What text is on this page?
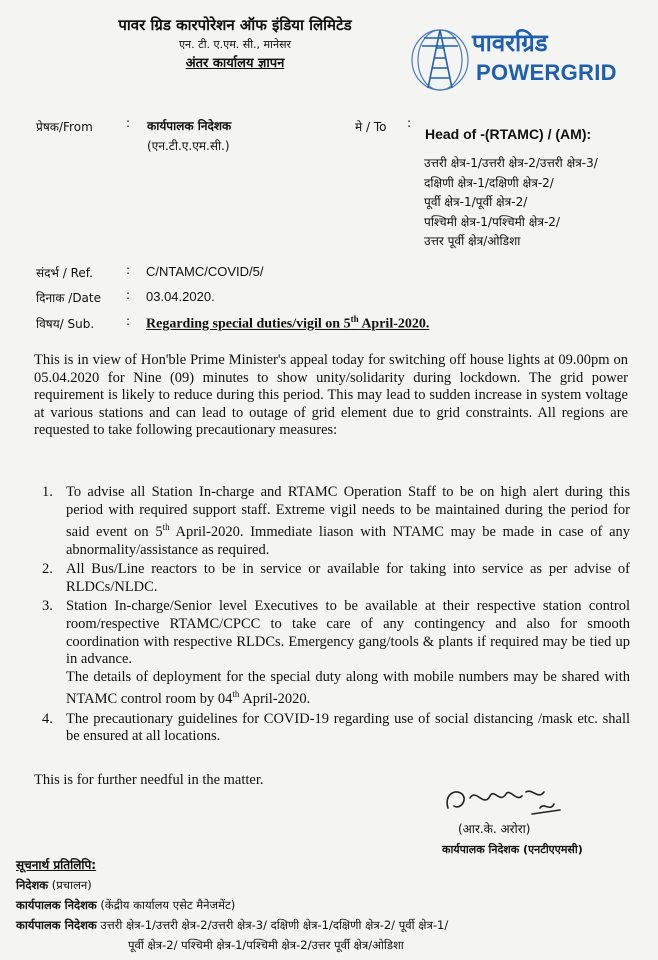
पावर ग्रिड कारपोरेशन ऑफ इंडिया लिमिटेड
एन. टी. ए.एम. सी., मानेसर
अंतर कार्यालय ज्ञापन
पावरग्रिड
POWERGRID
प्रेषक/From	: कार्यपालक निदेशक
(एन.टी.ए.एम.सी.)
मे / To :
Head of -(RTAMC) / (AM):
उत्तरी क्षेत्र-1/उत्तरी क्षेत्र-2/उत्तरी क्षेत्र-3/
दक्षिणी क्षेत्र-1/दक्षिणी क्षेत्र-2/
पूर्वी क्षेत्र-1/पूर्वी क्षेत्र-2/
पश्चिमी क्षेत्र-1/पश्चिमी क्षेत्र-2/
उत्तर पूर्वी क्षेत्र/ओडिशा
संदर्भ / Ref.	: C/NTAMC/COVID/5/
दिनाक /Date : 03.04.2020.
विषय/ Sub.	: Regarding special duties/vigil on 5th April-2020.
This is in view of Hon'ble Prime Minister's appeal today for switching off house lights at 09.00pm on 05.04.2020 for Nine (09) minutes to show unity/solidarity during lockdown. The grid power requirement is likely to reduce during this period. This may lead to sudden increase in system voltage at various stations and can lead to outage of grid element due to grid constraints. All regions are requested to take following precautionary measures:
1. To advise all Station In-charge and RTAMC Operation Staff to be on high alert during this period with required support staff. Extreme vigil needs to be maintained during the period for said event on 5th April-2020. Immediate liason with NTAMC may be made in case of any abnormality/assistance as required.
2. All Bus/Line reactors to be in service or available for taking into service as per advise of RLDCs/NLDC.
3. Station In-charge/Senior level Executives to be available at their respective station control room/respective RTAMC/CPCC to take care of any contingency and also for smooth coordination with respective RLDCs. Emergency gang/tools & plants if required may be tied up in advance.
The details of deployment for the special duty along with mobile numbers may be shared with NTAMC control room by 04th April-2020.
4. The precautionary guidelines for COVID-19 regarding use of social distancing /mask etc. shall be ensured at all locations.
This is for further needful in the matter.
(आर.के. अरोरा)
कार्यपालक निदेशक (एनटीएएमसी)
सूचनार्थ प्रतिलिपि:
निदेशक (प्रचालन)
कार्यपालक निदेशक (केंद्रीय कार्यालय एसेट मैनेजमेंट)
कार्यपालक निदेशक उत्तरी क्षेत्र-1/उत्तरी क्षेत्र-2/उत्तरी क्षेत्र-3/ दक्षिणी क्षेत्र-1/दक्षिणी क्षेत्र-2/ पूर्वी क्षेत्र-1/
पूर्वी क्षेत्र-2/ पश्चिमी क्षेत्र-1/पश्चिमी क्षेत्र-2/उत्तर पूर्वी क्षेत्र/ओडिशा
